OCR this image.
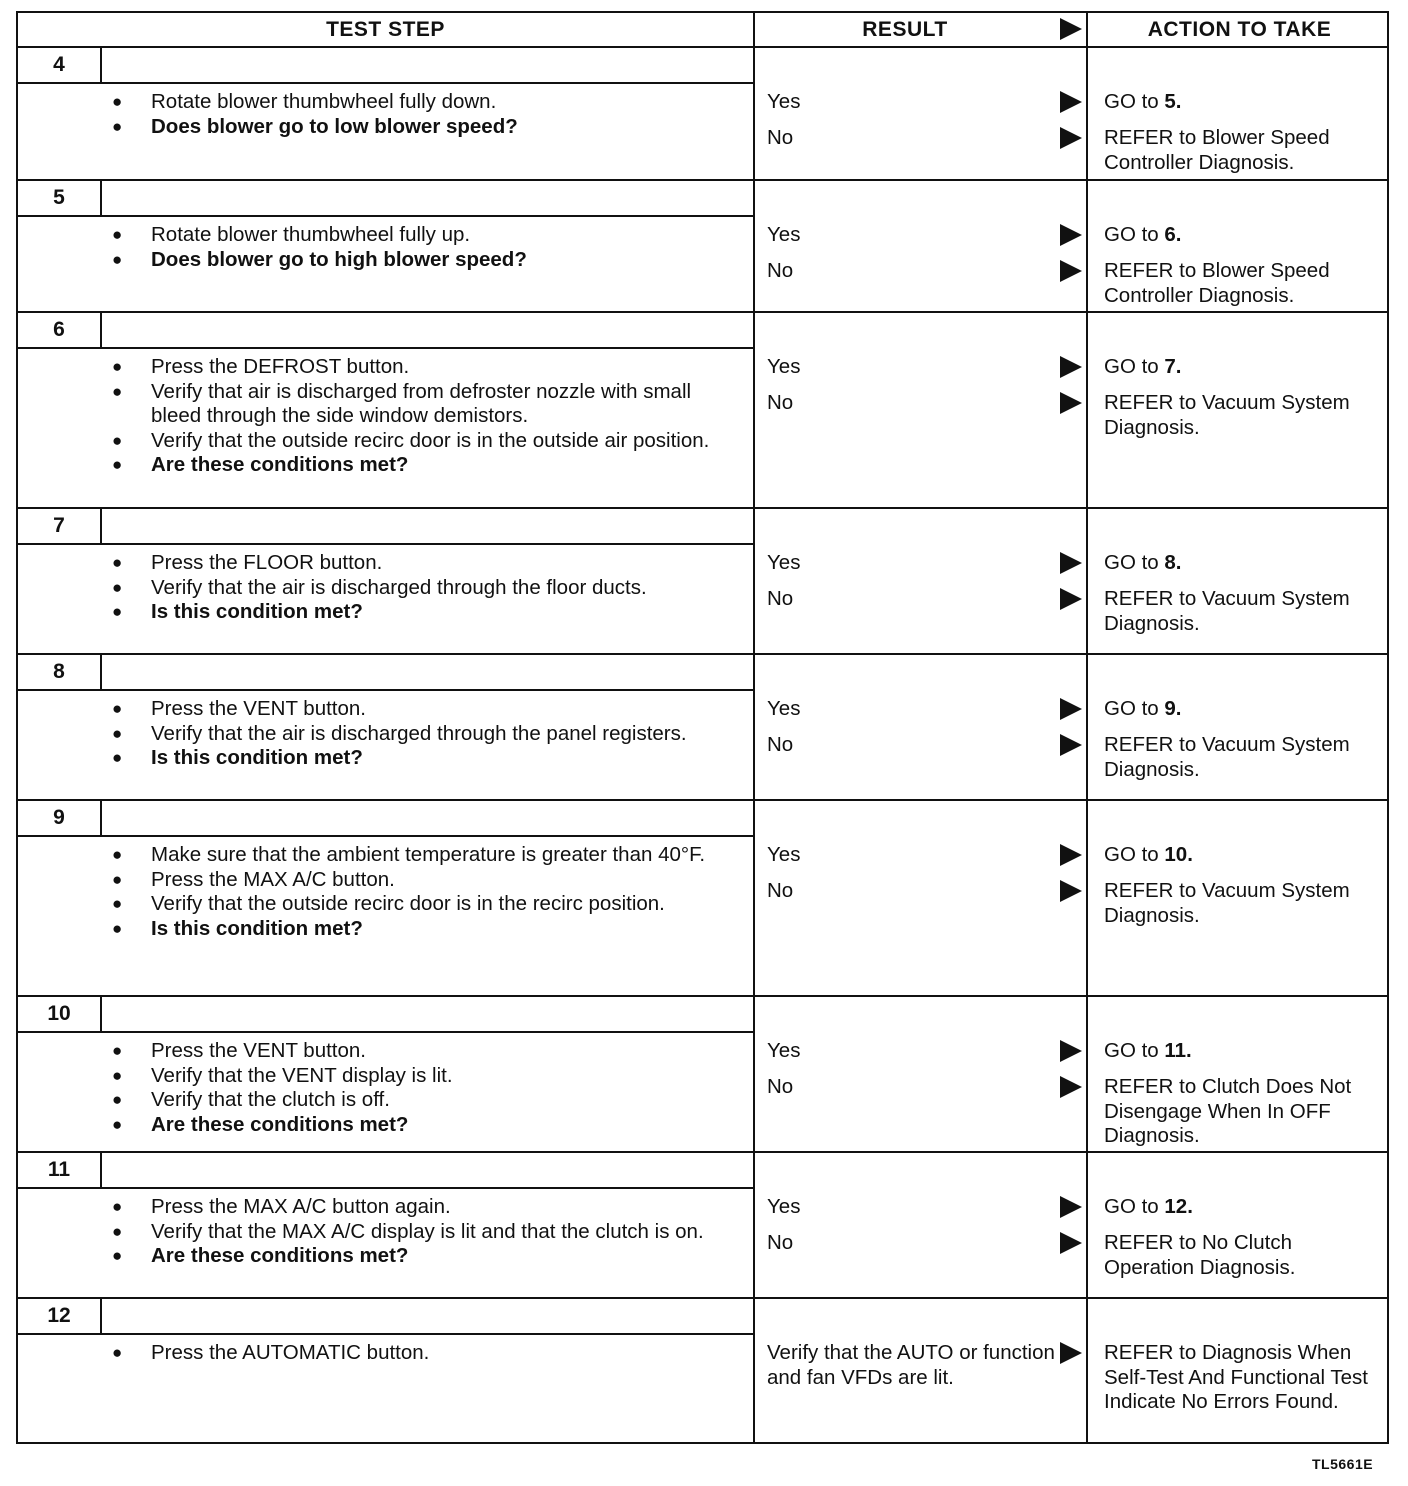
TEST STEP	RESULT	ACTION TO TAKE
4
● Rotate blower thumbwheel fully down.
● Does blower go to low blower speed?
Yes	GO to 5.
No	REFER to Blower Speed Controller Diagnosis.
5
● Rotate blower thumbwheel fully up.
● Does blower go to high blower speed?
Yes	GO to 6.
No	REFER to Blower Speed Controller Diagnosis.
6
● Press the DEFROST button.
● Verify that air is discharged from defroster nozzle with small bleed through the side window demistors.
● Verify that the outside recirc door is in the outside air position.
● Are these conditions met?
Yes	GO to 7.
No	REFER to Vacuum System Diagnosis.
7
● Press the FLOOR button.
● Verify that the air is discharged through the floor ducts.
● Is this condition met?
Yes	GO to 8.
No	REFER to Vacuum System Diagnosis.
8
● Press the VENT button.
● Verify that the air is discharged through the panel registers.
● Is this condition met?
Yes	GO to 9.
No	REFER to Vacuum System Diagnosis.
9
● Make sure that the ambient temperature is greater than 40°F.
● Press the MAX A/C button.
● Verify that the outside recirc door is in the recirc position.
● Is this condition met?
Yes	GO to 10.
No	REFER to Vacuum System Diagnosis.
10
● Press the VENT button.
● Verify that the VENT display is lit.
● Verify that the clutch is off.
● Are these conditions met?
Yes	GO to 11.
No	REFER to Clutch Does Not Disengage When In OFF Diagnosis.
11
● Press the MAX A/C button again.
● Verify that the MAX A/C display is lit and that the clutch is on.
● Are these conditions met?
Yes	GO to 12.
No	REFER to No Clutch Operation Diagnosis.
12
● Press the AUTOMATIC button.	Verify that the AUTO or function and fan VFDs are lit.
REFER to Diagnosis When Self-Test And Functional Test Indicate No Errors Found.
TL5661E
